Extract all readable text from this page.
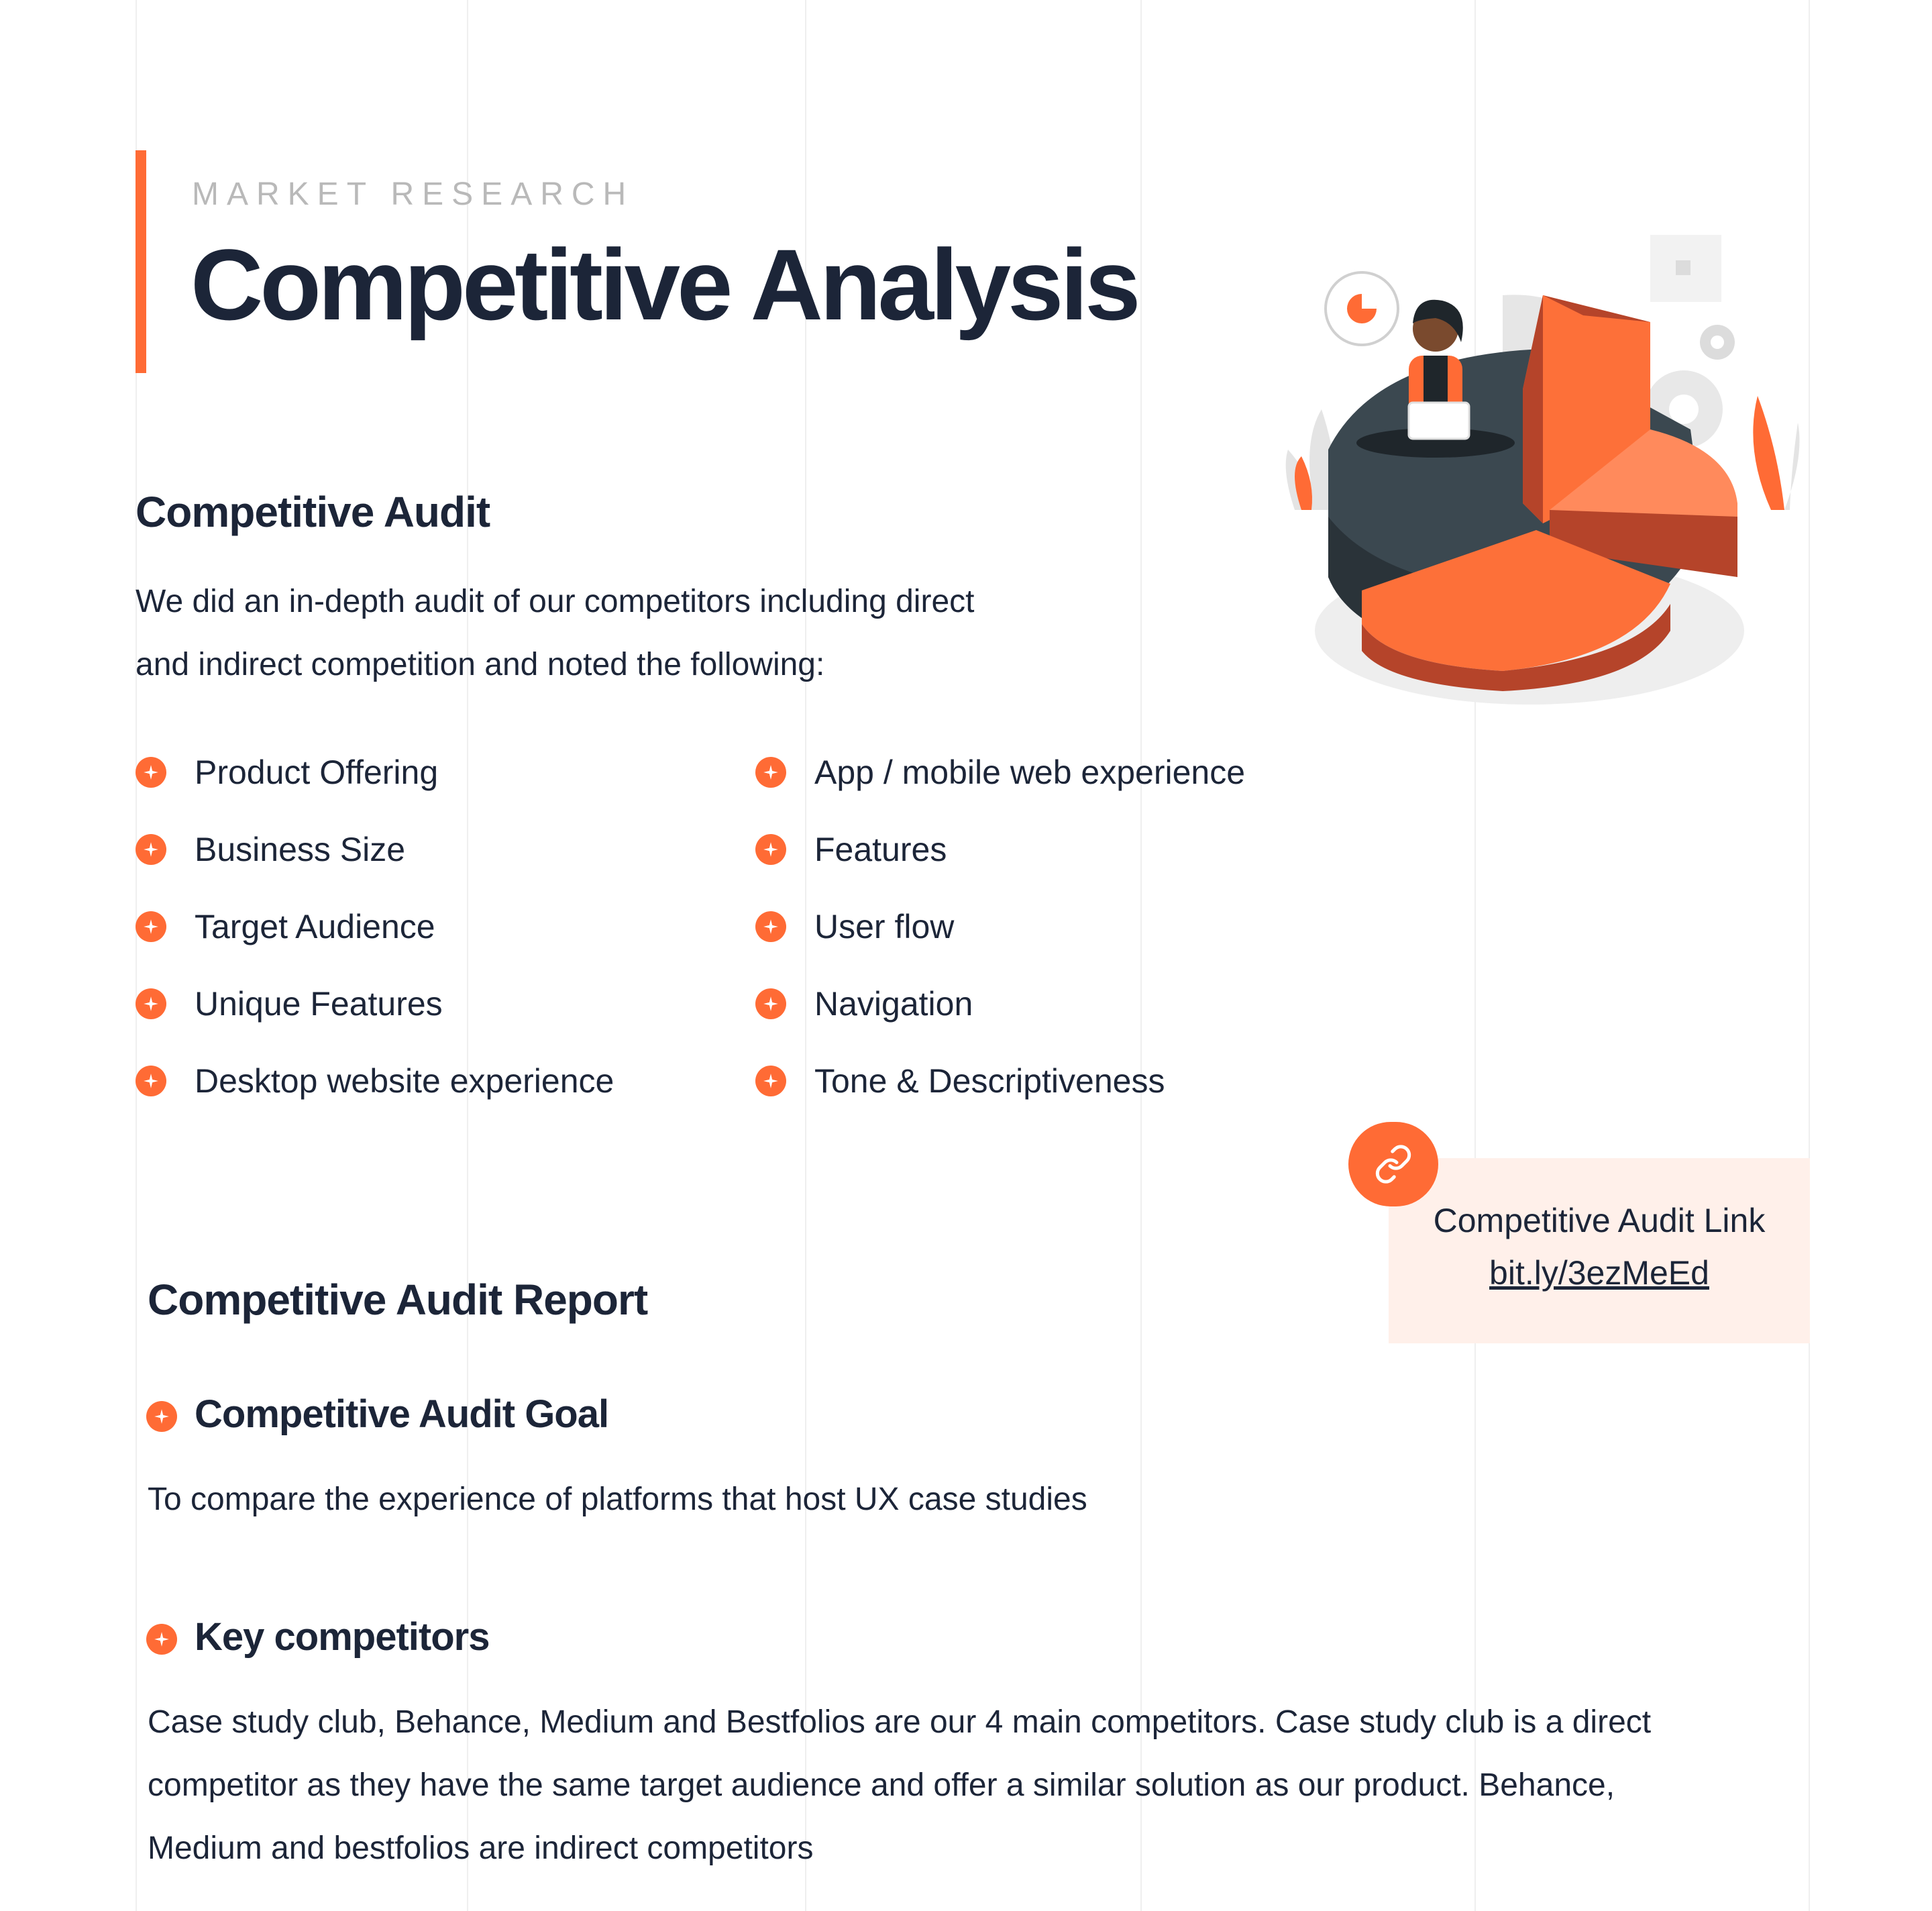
MARKET RESEARCH
Competitive Analysis
Competitive Audit
We did an in-depth audit of our competitors including direct
and indirect competition and noted the following:
Product Offering
Business Size
Target Audience
Unique Features
Desktop website experience
App / mobile web experience
Features
User flow
Navigation
Tone & Descriptiveness
Competitive Audit Link
bit.ly/3ezMeEd
Competitive Audit Report
Competitive Audit Goal
To compare the experience of platforms that host UX case studies
Key competitors
Case study club, Behance, Medium and Bestfolios are our 4 main competitors. Case study club is a direct
competitor as they have the same target audience and offer a similar solution as our product. Behance,
Medium and bestfolios are indirect competitors
